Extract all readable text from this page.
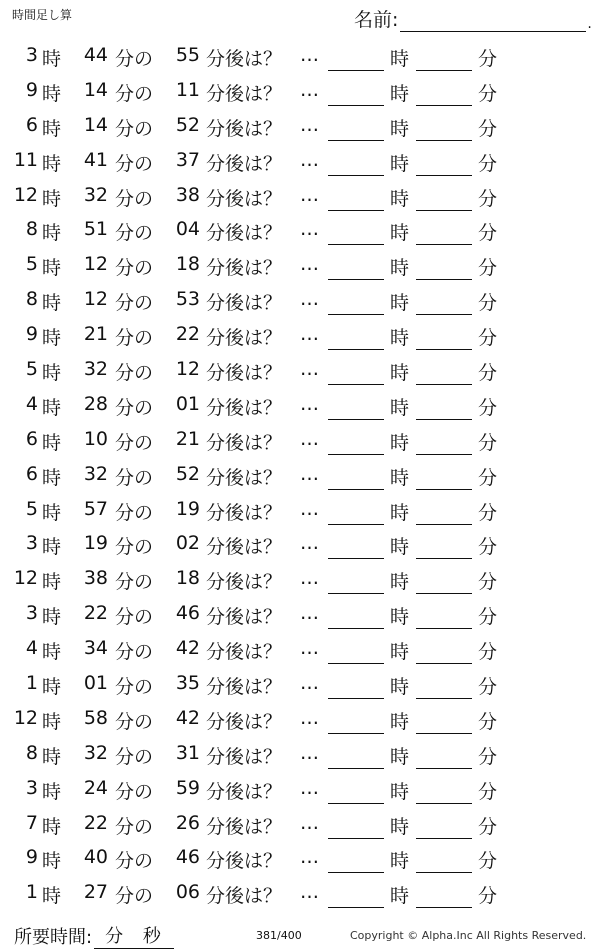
時間足し算	名前:	.
3 時	44 分の	55 分後は？ …	時	分
9 時	14 分の	11 分後は？ …	時	分
6 時	14 分の	52 分後は？ …	時	分
11 時	41 分の	37 分後は？ …	時	分
12 時	32 分の	38 分後は？ …	時	分
8 時	51 分の	04 分後は？ …	時	分
5 時	12 分の	18 分後は？ …	時	分
8 時	12 分の	53 分後は？ …	時	分
9 時	21 分の	22 分後は？ …	時	分
5 時	32 分の	12 分後は？ …	時	分
4 時	28 分の	01 分後は？ …	時	分
6 時	10 分の	21 分後は？ …	時	分
6 時	32 分の	52 分後は？ …	時	分
5 時	57 分の	19 分後は？ …	時	分
3 時	19 分の	02 分後は？ …	時	分
12 時	38 分の	18 分後は？ …	時	分
3 時	22 分の	46 分後は？ …	時	分
4 時	34 分の	42 分後は？ …	時	分
1 時	01 分の	35 分後は？ …	時	分
12 時	58 分の	42 分後は？ …	時	分
8 時	32 分の	31 分後は？ …	時	分
3 時	24 分の	59 分後は？ …	時	分
7 時	22 分の	26 分後は？ …	時	分
9 時	40 分の	46 分後は？ …	時	分
1 時	27 分の	06 分後は？ …	時	分
所要時間: 分 秒	381/400	Copyright © Alpha.Inc All Rights Reserved.
